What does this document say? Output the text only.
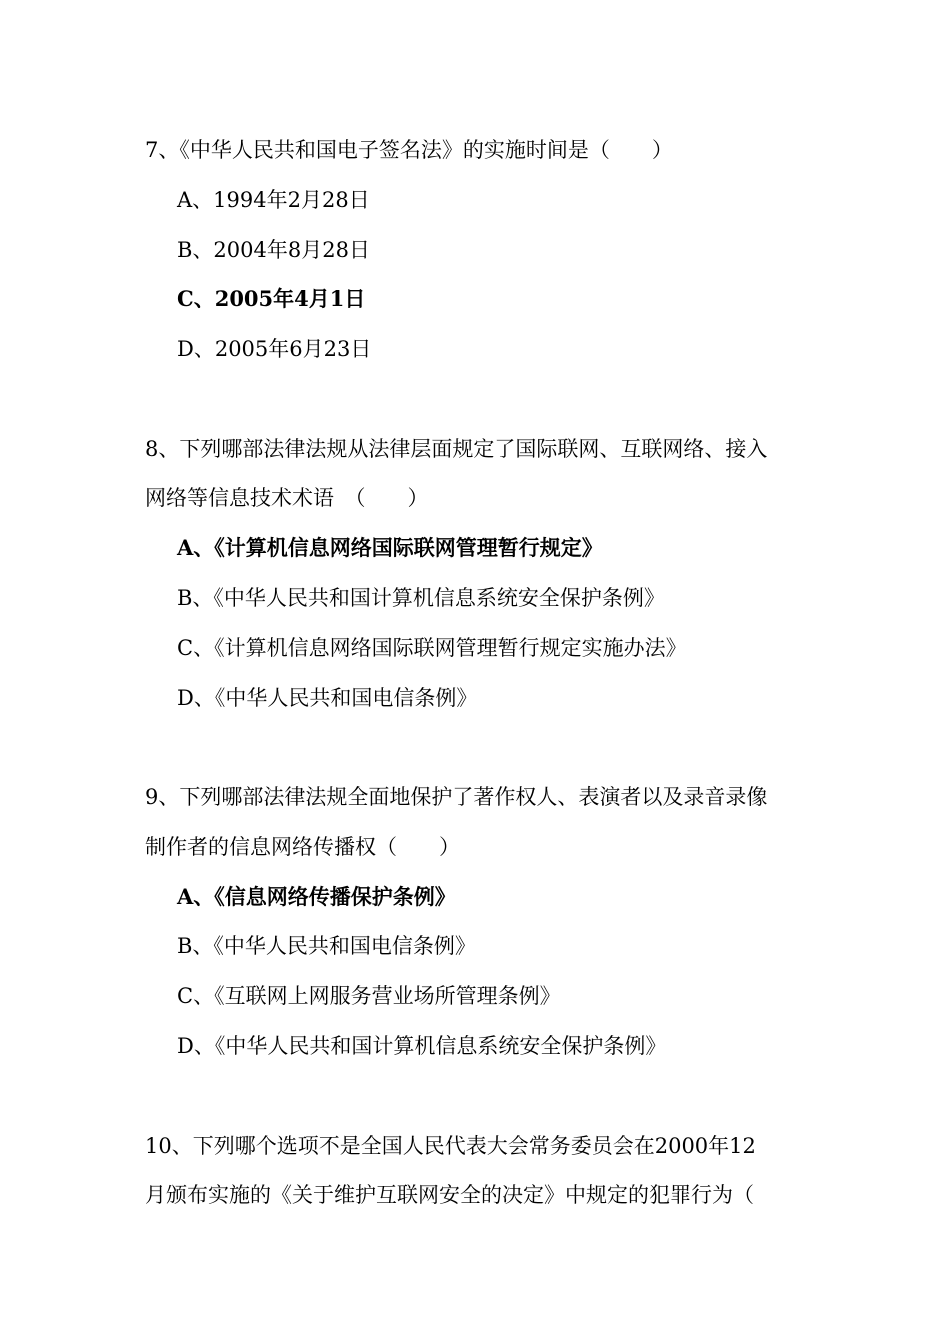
7、《中华人民共和国电子签名法》的实施时间是（　　）
A、1994年2月28日
B、2004年8月28日
C、2005年4月1日
D、2005年6月23日
8、下列哪部法律法规从法律层面规定了国际联网、互联网络、接入
网络等信息技术术语　（　　）
A、《计算机信息网络国际联网管理暂行规定》
B、《中华人民共和国计算机信息系统安全保护条例》
C、《计算机信息网络国际联网管理暂行规定实施办法》
D、《中华人民共和国电信条例》
9、下列哪部法律法规全面地保护了著作权人、表演者以及录音录像
制作者的信息网络传播权（　　）
A、《信息网络传播保护条例》
B、《中华人民共和国电信条例》
C、《互联网上网服务营业场所管理条例》
D、《中华人民共和国计算机信息系统安全保护条例》
10、下列哪个选项不是全国人民代表大会常务委员会在2000年12
月颁布实施的《关于维护互联网安全的决定》中规定的犯罪行为（
